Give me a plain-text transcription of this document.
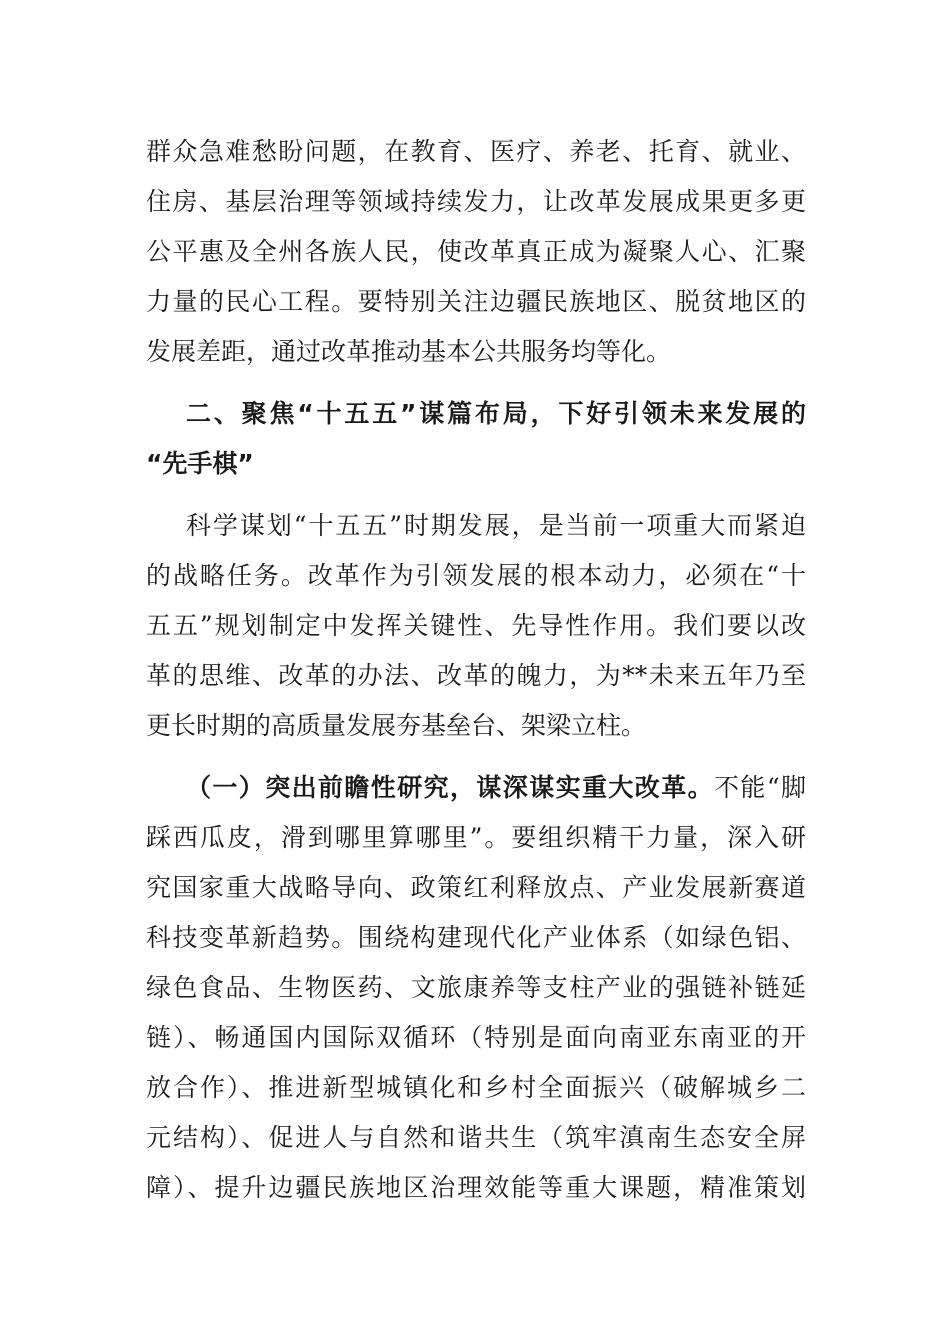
群众急难愁盼问题，在教育、医疗、养老、托育、就业、
住房、基层治理等领域持续发力，让改革发展成果更多更
公平惠及全州各族人民，使改革真正成为凝聚人心、汇聚
力量的民心工程。要特别关注边疆民族地区、脱贫地区的
发展差距，通过改革推动基本公共服务均等化。
二、聚焦“十五五”谋篇布局，下好引领未来发展的
“先手棋”
科学谋划“十五五”时期发展，是当前一项重大而紧迫
的战略任务。改革作为引领发展的根本动力，必须在“十
五五”规划制定中发挥关键性、先导性作用。我们要以改
革的思维、改革的办法、改革的魄力，为**未来五年乃至
更长时期的高质量发展夯基垒台、架梁立柱。
（一）突出前瞻性研究，谋深谋实重大改革。不能“脚
踩西瓜皮，滑到哪里算哪里”。要组织精干力量，深入研
究国家重大战略导向、政策红利释放点、产业发展新赛道
科技变革新趋势。围绕构建现代化产业体系（如绿色铝、
绿色食品、生物医药、文旅康养等支柱产业的强链补链延
链）、畅通国内国际双循环（特别是面向南亚东南亚的开
放合作）、推进新型城镇化和乡村全面振兴（破解城乡二
元结构）、促进人与自然和谐共生（筑牢滇南生态安全屏
障）、提升边疆民族地区治理效能等重大课题，精准策划
